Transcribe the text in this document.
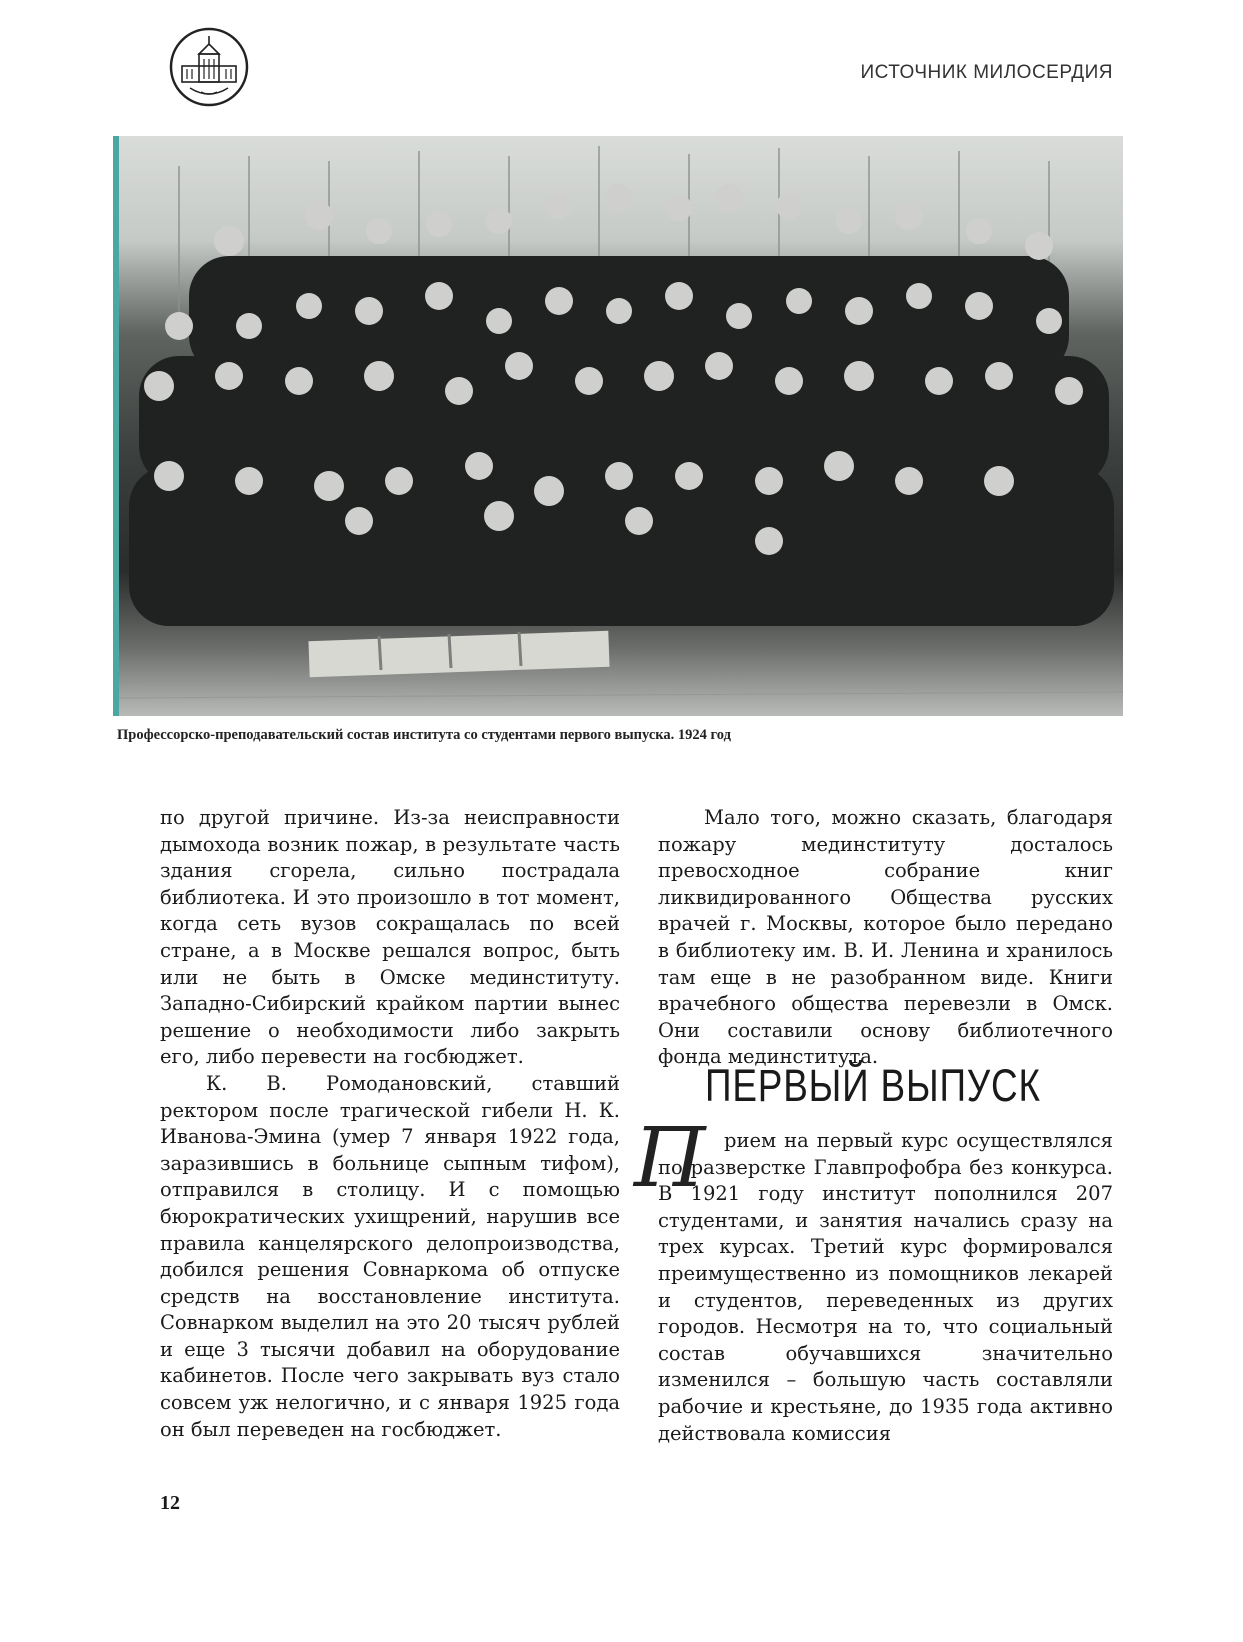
ИСТОЧНИК МИЛОСЕРДИЯ
Профессорско-преподавательский состав института со студентами первого выпуска. 1924 год

по другой причине. Из-за неисправности дымохода возник пожар, в результате часть здания сгорела, сильно пострадала библиотека. И это произошло в тот момент, когда сеть вузов сокращалась по всей стране, а в Москве решался вопрос, быть или не быть в Омске мединституту. Западно-Сибирский крайком партии вынес решение о необходимости либо закрыть его, либо перевести на госбюджет.

К. В. Ромодановский, ставший ректором после трагической гибели Н. К. Иванова-Эмина (умер 7 января 1922 года, заразившись в больнице сыпным тифом), отправился в столицу. И с помощью бюрократических ухищрений, нарушив все правила канцелярского делопроизводства, добился решения Совнаркома об отпуске средств на восстановление института. Совнарком выделил на это 20 тысяч рублей и еще 3 тысячи добавил на оборудование кабинетов. После чего закрывать вуз стало совсем уж нелогично, и с января 1925 года он был переведен на госбюджет.

Мало того, можно сказать, благодаря пожару мединституту досталось превосходное собрание книг ликвидированного Общества русских врачей г. Москвы, которое было передано в библиотеку им. В. И. Ленина и хранилось там еще в не разобранном виде. Книги врачебного общества перевезли в Омск. Они составили основу библиотечного фонда мединститута.

ПЕРВЫЙ ВЫПУСК
П рием на первый курс осуществлялся по разверстке Главпрофобра без конкурса. В 1921 году институт пополнился 207 студентами, и занятия начались сразу на трех курсах. Третий курс формировался преимущественно из помощников лекарей и студентов, переведенных из других городов. Несмотря на то, что социальный состав обучавшихся значительно изменился – большую часть составляли рабочие и крестьяне, до 1935 года активно действовала комиссия

12
